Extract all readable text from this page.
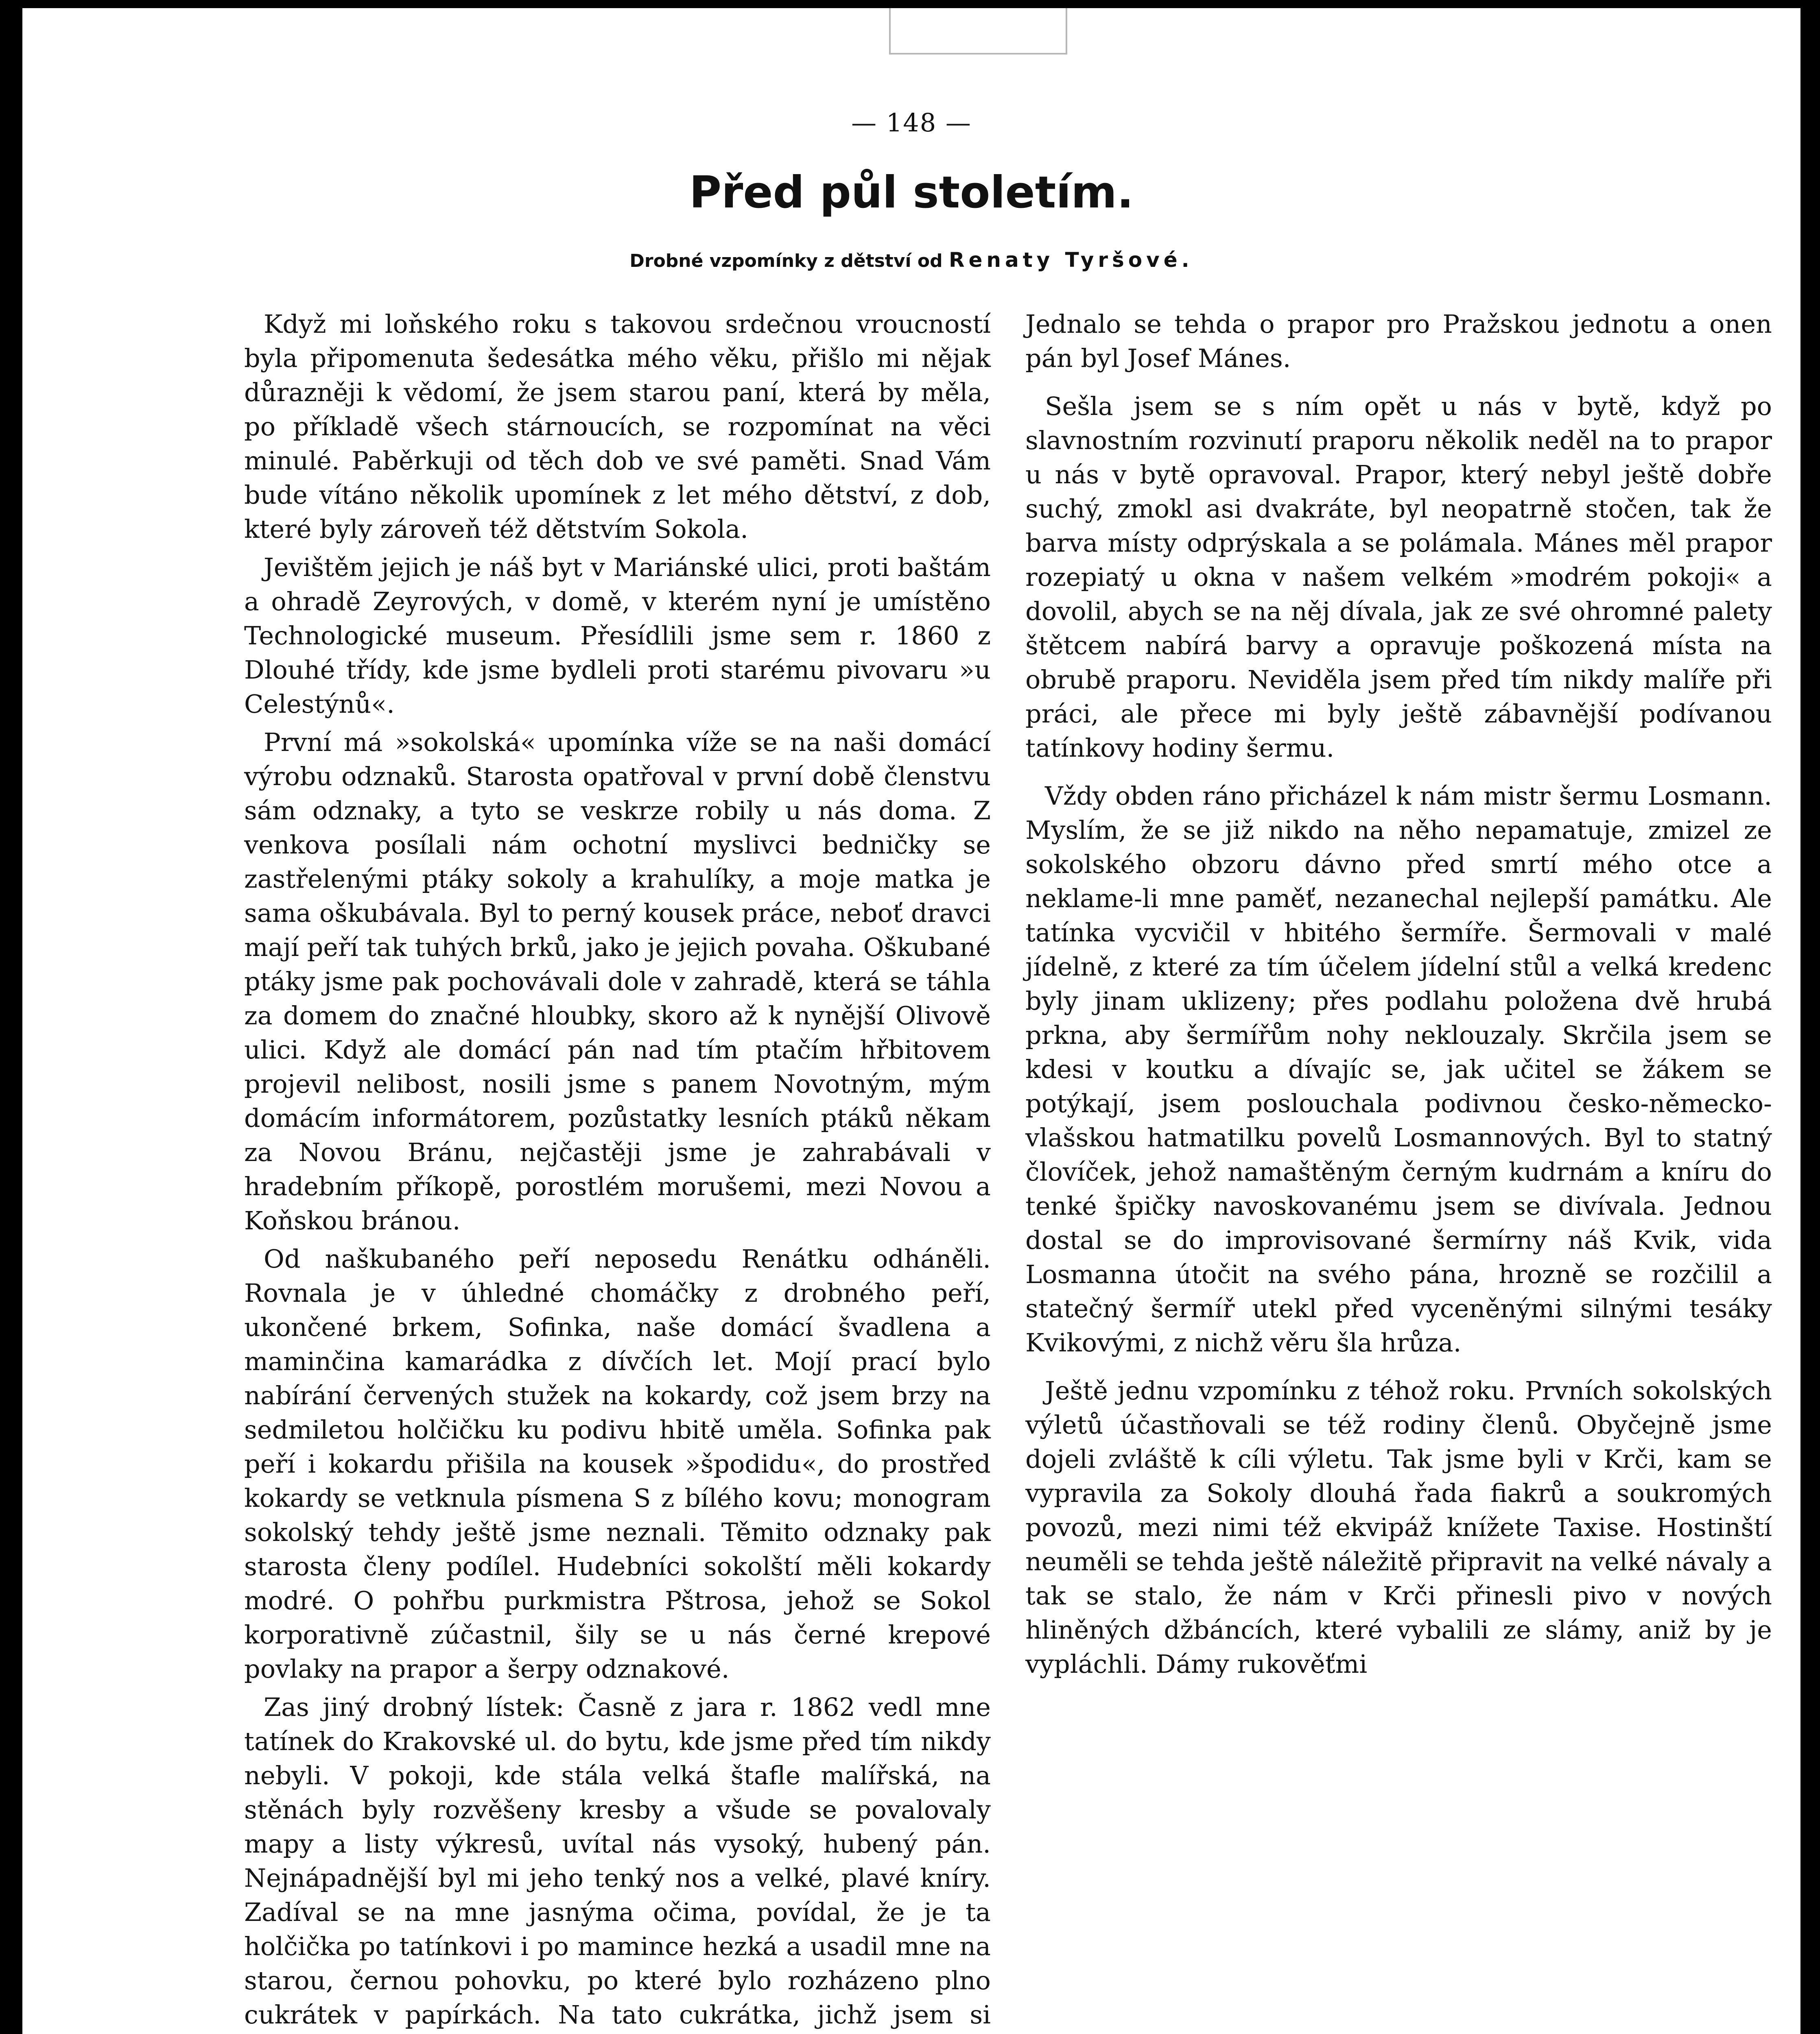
— 148 —
Před půl stoletím.
Drobné vzpomínky z dětství od Renaty Tyršové.

Když mi loňského roku s takovou srdečnou vroucností byla připomenuta šedesátka mého věku, přišlo mi nějak důrazněji k vědomí, že jsem starou paní, která by měla, po příkladě všech stárnoucích, se rozpomínat na věci minulé. Paběrkuji od těch dob ve své paměti. Snad Vám bude vítáno několik upomínek z let mého dětství, z dob, které byly zároveň též dětstvím Sokola.

Jevištěm jejich je náš byt v Mariánské ulici, proti baštám a ohradě Zeyrových, v domě, v kterém nyní je umístěno Technologické museum. Přesídlili jsme sem r. 1860 z Dlouhé třídy, kde jsme bydleli proti starému pivovaru »u Celestýnů«.

První má »sokolská« upomínka víže se na naši domácí výrobu odznaků. Starosta opatřoval v první době členstvu sám odznaky, a tyto se veskrze robily u nás doma. Z venkova posílali nám ochotní myslivci bedničky se zastřelenými ptáky sokoly a krahulíky, a moje matka je sama oškubávala. Byl to perný kousek práce, neboť dravci mají peří tak tuhých brků, jako je jejich povaha. Oškubané ptáky jsme pak pochovávali dole v zahradě, která se táhla za domem do značné hloubky, skoro až k nynější Olivově ulici. Když ale domácí pán nad tím ptačím hřbitovem projevil nelibost, nosili jsme s panem Novotným, mým domácím informátorem, pozůstatky lesních ptáků někam za Novou Bránu, nejčastěji jsme je zahrabávali v hradebním příkopě, porostlém morušemi, mezi Novou a Koňskou bránou.

Od naškubaného peří neposedu Renátku odháněli. Rovnala je v úhledné chomáčky z drobného peří, ukončené brkem, Sofinka, naše domácí švadlena a maminčina kamarádka z dívčích let. Mojí prací bylo nabírání červených stužek na kokardy, což jsem brzy na sedmiletou holčičku ku podivu hbitě uměla. Sofinka pak peří i kokardu přišila na kousek »špodidu«, do prostřed kokardy se vetknula písmena S z bílého kovu; monogram sokolský tehdy ještě jsme neznali. Těmito odznaky pak starosta členy podílel. Hudebníci sokolští měli kokardy modré. O pohřbu purkmistra Pštrosa, jehož se Sokol korporativně zúčastnil, šily se u nás černé krepové povlaky na prapor a šerpy odznakové.

Zas jiný drobný lístek: Časně z jara r. 1862 vedl mne tatínek do Krakovské ul. do bytu, kde jsme před tím nikdy nebyli. V pokoji, kde stála velká štafle malířská, na stěnách byly rozvěšeny kresby a všude se povalovaly mapy a listy výkresů, uvítal nás vysoký, hubený pán. Nejnápadnější byl mi jeho tenký nos a velké, plavé kníry. Zadíval se na mne jasnýma očima, povídal, že je ta holčička po tatínkovi i po mamince hezká a usadil mne na starou, černou pohovku, po které bylo rozházeno plno cukrátek v papírkách. Na tato cukrátka, jichž jsem si Jednalo se tehda o prapor pro Pražskou jednotu a onen pán byl Josef Mánes.

Sešla jsem se s ním opět u nás v bytě, když po slavnostním rozvinutí praporu několik neděl na to prapor u nás v bytě opravoval. Prapor, který nebyl ještě dobře suchý, zmokl asi dvakráte, byl neopatrně stočen, tak že barva místy odprýskala a se polámala. Mánes měl prapor rozepiatý u okna v našem velkém »modrém pokoji« a dovolil, abych se na něj dívala, jak ze své ohromné palety štětcem nabírá barvy a opravuje poškozená místa na obrubě praporu. Neviděla jsem před tím nikdy malíře při práci, ale přece mi byly ještě zábavnější podívanou tatínkovy hodiny šermu.

Vždy obden ráno přicházel k nám mistr šermu Losmann. Myslím, že se již nikdo na něho nepamatuje, zmizel ze sokolského obzoru dávno před smrtí mého otce a neklame-li mne paměť, nezanechal nejlepší památku. Ale tatínka vycvičil v hbitého šermíře. Šermovali v malé jídelně, z které za tím účelem jídelní stůl a velká kredenc byly jinam uklizeny; přes podlahu položena dvě hrubá prkna, aby šermířům nohy neklouzaly. Skrčila jsem se kdesi v koutku a dívajíc se, jak učitel se žákem se potýkají, jsem poslouchala podivnou česko-německo-vlašskou hatmatilku povelů Losmannových. Byl to statný človíček, jehož namaštěným černým kudrnám a kníru do tenké špičky navoskovanému jsem se divívala. Jednou dostal se do improvisované šermírny náš Kvik, vida Losmanna útočit na svého pána, hrozně se rozčilil a statečný šermíř utekl před vyceněnými silnými tesáky Kvikovými, z nichž věru šla hrůza.

Ještě jednu vzpomínku z téhož roku. Prvních sokolských výletů účastňovali se též rodiny členů. Obyčejně jsme dojeli zvláště k cíli výletu. Tak jsme byli v Krči, kam se vypravila za Sokoly dlouhá řada fiakrů a soukromých povozů, mezi nimi též ekvipáž knížete Taxise. Hostinští neuměli se tehda ještě náležitě připravit na velké návaly a tak se stalo, že nám v Krči přinesli pivo v nových hliněných džbáncích, které vybalili ze slámy, aniž by je vypláchli. Dámy rukověťmi
